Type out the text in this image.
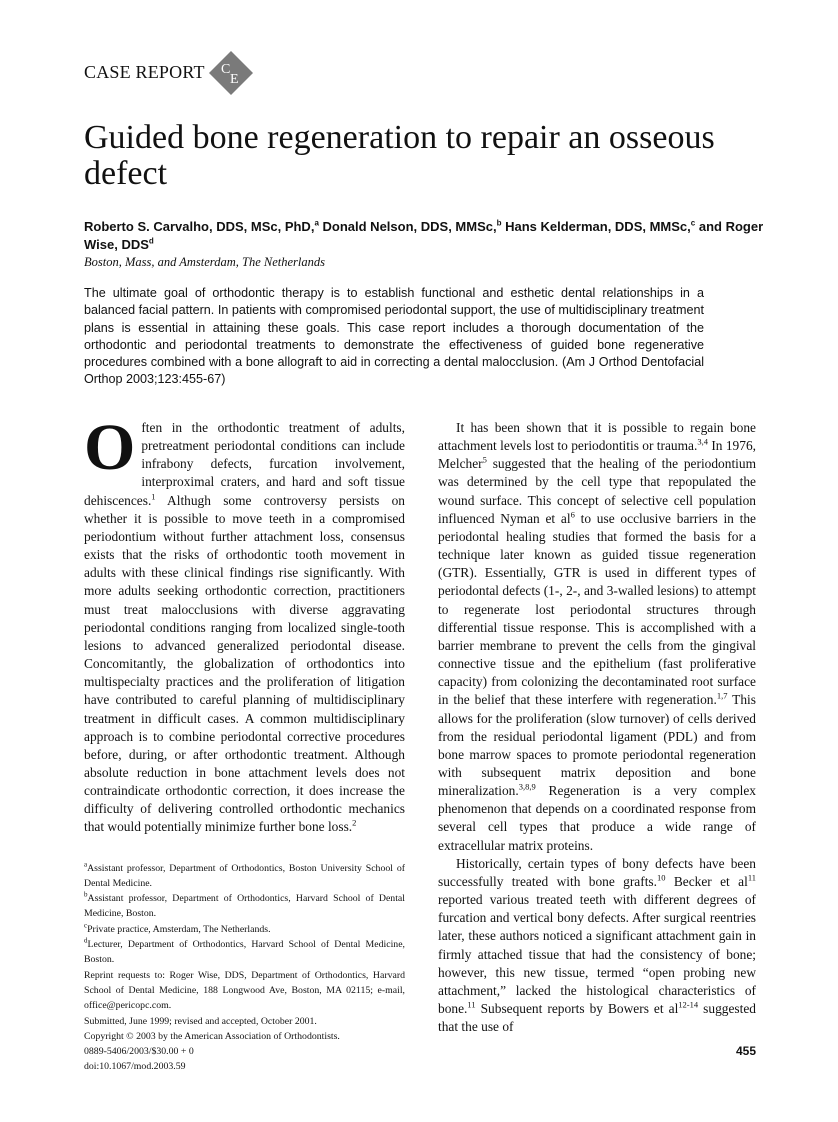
CASE REPORT C
E
Guided bone regeneration to repair an osseous defect
Roberto S. Carvalho, DDS, MSc, PhD,$^a$ Donald Nelson, DDS, MMSc,$^b$ Hans Kelderman, DDS, MMSc,$^c$ and Roger Wise, DDS$^d$
Boston, Mass, and Amsterdam, The Netherlands
The ultimate goal of orthodontic therapy is to establish functional and esthetic dental relationships in a balanced facial pattern. In patients with compromised periodontal support, the use of multidisciplinary treatment plans is essential in attaining these goals. This case report includes a thorough documentation of the orthodontic and periodontal treatments to demonstrate the effectiveness of guided bone regenerative procedures combined with a bone allograft to aid in correcting a dental malocclusion. (Am J Orthod Dentofacial Orthop 2003;123:455-67)

Often in the orthodontic treatment of adults, pretreatment periodontal conditions can include infrabony defects, furcation involvement, interproximal craters, and hard and soft tissue dehiscences.$^1$ Althugh some controversy persists on whether it is possible to move teeth in a compromised periodontium without further attachment loss, consensus exists that the risks of orthodontic tooth movement in adults with these clinical findings rise significantly. With more adults seeking orthodontic correction, practitioners must treat malocclusions with diverse aggravating periodontal conditions ranging from localized single-tooth lesions to advanced generalized periodontal disease. Concomitantly, the globalization of orthodontics into multispecialty practices and the proliferation of litigation have contributed to careful planning of multidisciplinary treatment in difficult cases. A common multidisciplinary approach is to combine periodontal corrective procedures before, during, or after orthodontic treatment. Although absolute reduction in bone attachment levels does not contraindicate orthodontic correction, it does increase the difficulty of delivering controlled orthodontic mechanics that would potentially minimize further bone loss.$^2$

$^a$Assistant professor, Department of Orthodontics, Boston University School of Dental Medicine.

$^b$Assistant professor, Department of Orthodontics, Harvard School of Dental Medicine, Boston.

$^c$Private practice, Amsterdam, The Netherlands.

$^d$Lecturer, Department of Orthodontics, Harvard School of Dental Medicine, Boston.

Reprint requests to: Roger Wise, DDS, Department of Orthodontics, Harvard School of Dental Medicine, 188 Longwood Ave, Boston, MA 02115; e-mail, office@pericopc.com.

Submitted, June 1999; revised and accepted, October 2001.

Copyright © 2003 by the American Association of Orthodontists.

0889-5406/2003/$30.00 + 0

doi:10.1067/mod.2003.59

It has been shown that it is possible to regain bone attachment levels lost to periodontitis or trauma.$^{3,4}$ In 1976, Melcher$^5$ suggested that the healing of the periodontium was determined by the cell type that repopulated the wound surface. This concept of selective cell population influenced Nyman et $al^6$ to use occlusive barriers in the periodontal healing studies that formed the basis for a technique later known as guided tissue regeneration (GTR). Essentially, GTR is used in different types of periodontal defects (1-, 2-, and 3-walled lesions) to attempt to regenerate lost periodontal structures through differential tissue response. This is accomplished with a barrier membrane to prevent the cells from the gingival connective tissue and the epithelium (fast proliferative capacity) from colonizing the decontaminated root surface in the belief that these interfere with regeneration.$^{1,7}$ This allows for the proliferation (slow turnover) of cells derived from the residual periodontal ligament (PDL) and from bone marrow spaces to promote periodontal regeneration with subsequent matrix deposition and bone mineralization.$^{3,8,9}$ Regeneration is a very complex phenomenon that depends on a coordinated response from several cell types that produce a wide range of extracellular matrix proteins.

Historically, certain types of bony defects have been successfully treated with bone grafts.$^{10}$ Becker et $al^{11}$ reported various treated teeth with different degrees of furcation and vertical bony defects. After surgical reentries later, these authors noticed a significant attachment gain in firmly attached tissue that had the consistency of bone; however, this new tissue, termed “open probing new attachment,” lacked the histological characteristics of bone.$^{11}$ Subsequent reports by Bowers et $al^{12-14}$ suggested that the use of

455
